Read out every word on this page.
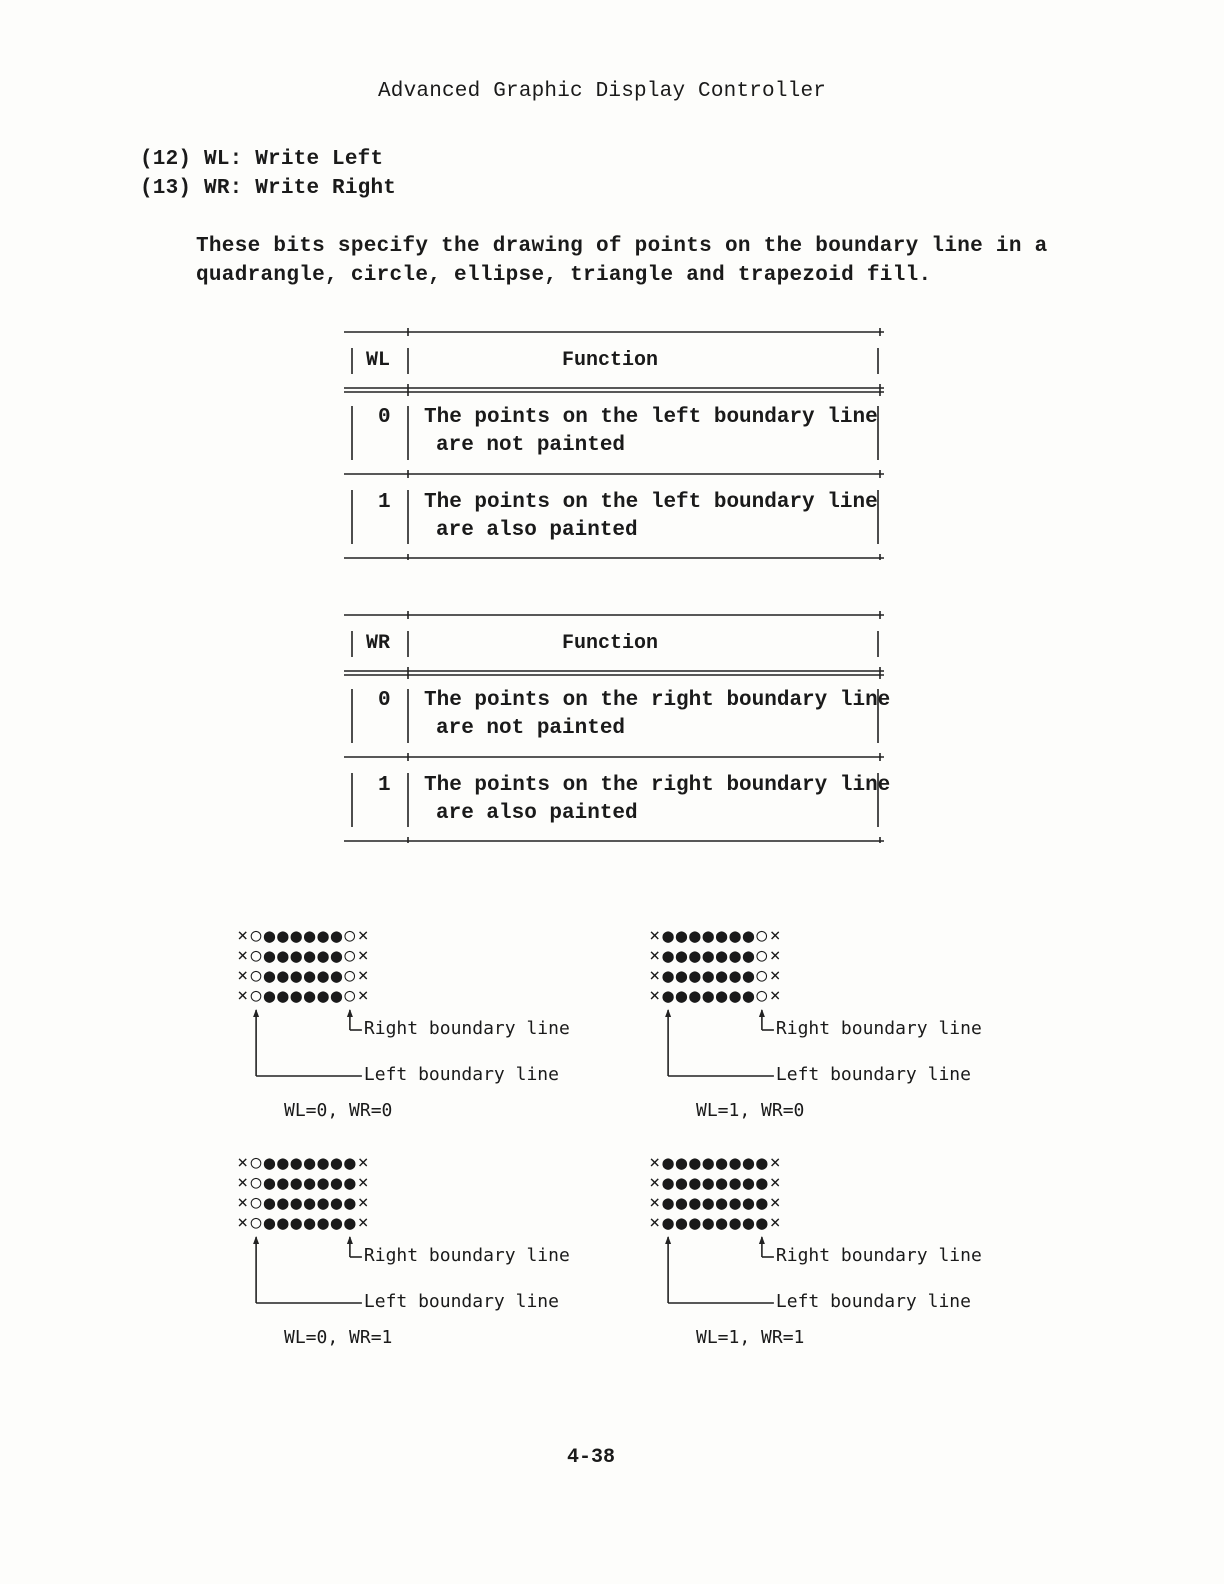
Advanced Graphic Display Controller
(12) WL: Write Left
(13) WR: Write Right
These bits specify the drawing of points on the boundary line in a
quadrangle, circle, ellipse, triangle and trapezoid fill.
WL	Function
0 The points on the left boundary line
are not painted
1 The points on the left boundary line
are also painted
WR	Function
0 The points on the right boundary line
are not painted
1 The points on the right boundary line
are also painted
× ○ ● ● ● ● ● ● ○ ×
× ○ ● ● ● ● ● ● ○ ×
× ○ ● ● ● ● ● ● ○ ×
× ○ ● ● ● ● ● ● ○ ×
Right boundary line
Left boundary line
WL=0, WR=0
× ● ● ● ● ● ● ● ○ ×
× ● ● ● ● ● ● ● ○ ×
× ● ● ● ● ● ● ● ○ ×
× ● ● ● ● ● ● ● ○ ×
Right boundary line
Left boundary line
WL=1, WR=0
× ○ ● ● ● ● ● ● ● ×
× ○ ● ● ● ● ● ● ● ×
× ○ ● ● ● ● ● ● ● ×
× ○ ● ● ● ● ● ● ● ×
Right boundary line
Left boundary line
WL=0, WR=1
× ● ● ● ● ● ● ● ● ×
× ● ● ● ● ● ● ● ● ×
× ● ● ● ● ● ● ● ● ×
× ● ● ● ● ● ● ● ● ×
Right boundary line
Left boundary line
WL=1, WR=1
4-38
